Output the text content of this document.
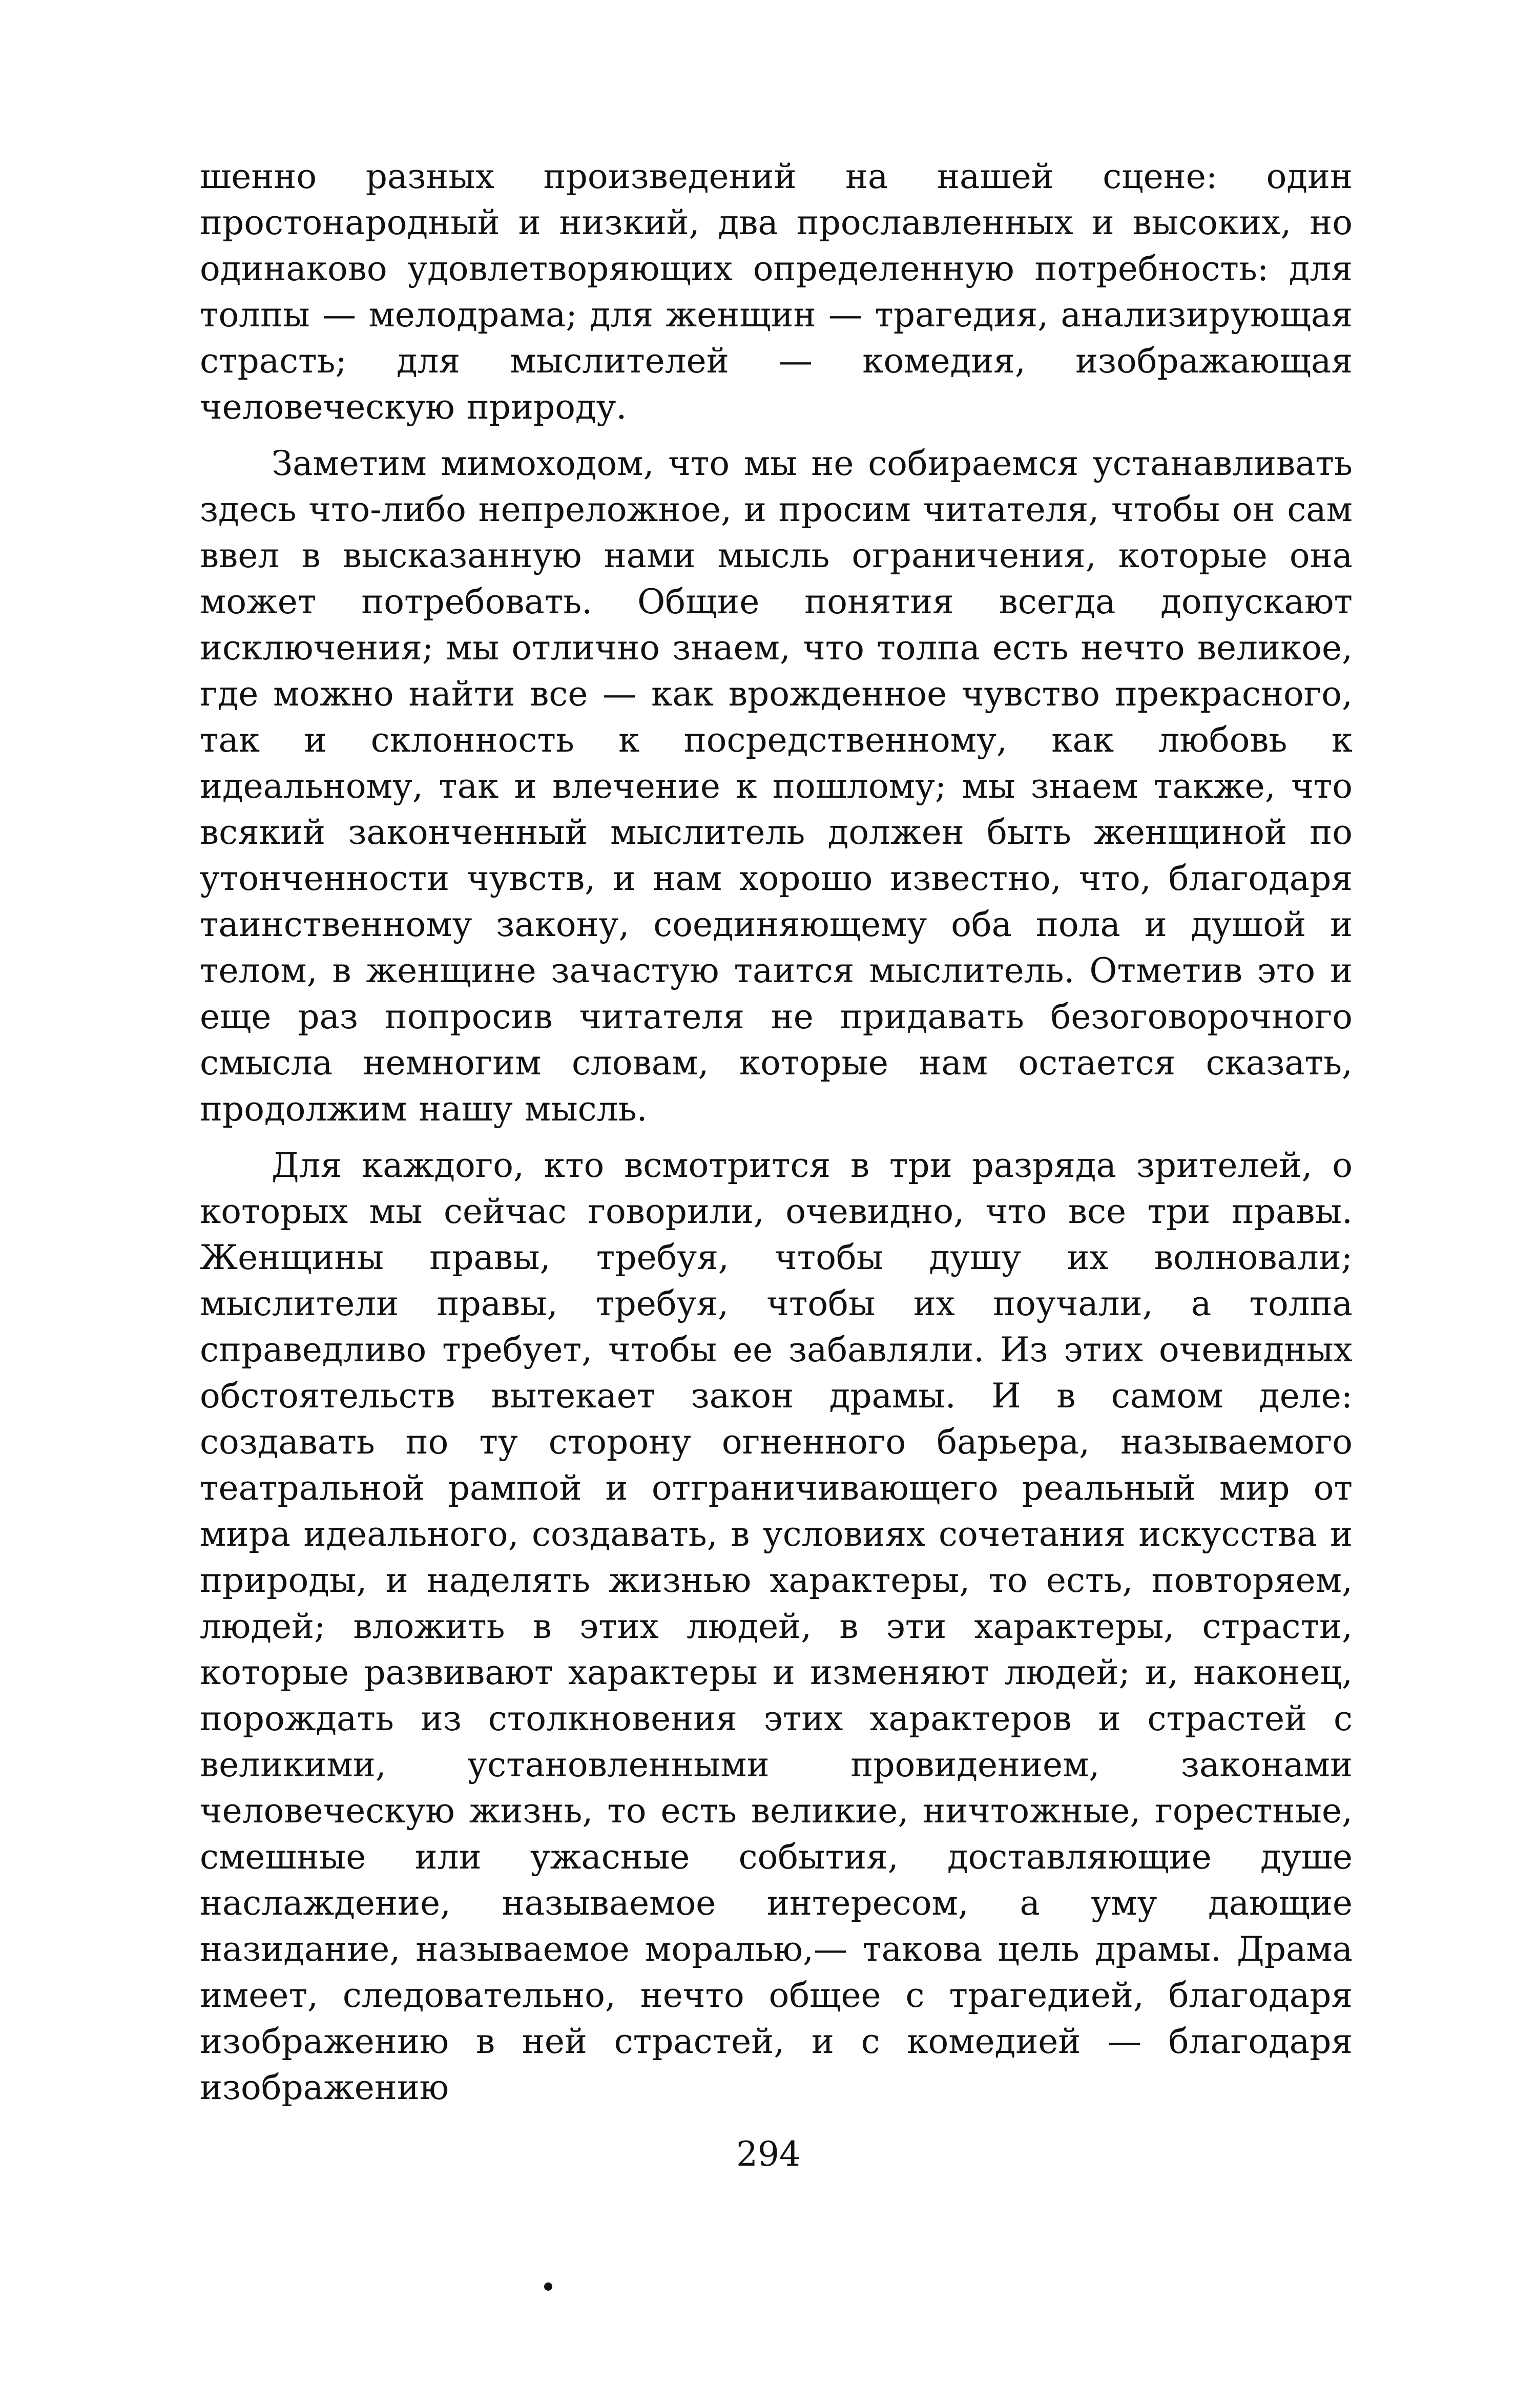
шенно разных произведений на нашей сцене: один простонародный и низкий, два прославленных и высоких, но одинаково удовлетворяющих определенную потребность: для толпы — мелодрама; для женщин — трагедия, анализирующая страсть; для мыслителей — комедия, изображающая человеческую природу.

Заметим мимоходом, что мы не собираемся устанавливать здесь что-либо непреложное, и просим читателя, чтобы он сам ввел в высказанную нами мысль ограничения, которые она может потребовать. Общие понятия всегда допускают исключения; мы отлично знаем, что толпа есть нечто великое, где можно найти все — как врожденное чувство прекрасного, так и склонность к посредственному, как любовь к идеальному, так и влечение к пошлому; мы знаем также, что всякий законченный мыслитель должен быть женщиной по утонченности чувств, и нам хорошо известно, что, благодаря таинственному закону, соединяющему оба пола и душой и телом, в женщине зачастую таится мыслитель. Отметив это и еще раз попросив читателя не придавать безоговорочного смысла немногим словам, которые нам остается сказать, продолжим нашу мысль.

Для каждого, кто всмотрится в три разряда зрителей, о которых мы сейчас говорили, очевидно, что все три правы. Женщины правы, требуя, чтобы душу их волновали; мыслители правы, требуя, чтобы их поучали, а толпа справедливо требует, чтобы ее забавляли. Из этих очевидных обстоятельств вытекает закон драмы. И в самом деле: создавать по ту сторону огненного барьера, называемого театральной рампой и отграничивающего реальный мир от мира идеального, создавать, в условиях сочетания искусства и природы, и наделять жизнью характеры, то есть, повторяем, людей; вложить в этих людей, в эти характеры, страсти, которые развивают характеры и изменяют людей; и, наконец, порождать из столкновения этих характеров и страстей с великими, установленными провидением, законами человеческую жизнь, то есть великие, ничтожные, горестные, смешные или ужасные события, доставляющие душе наслаждение, называемое интересом, а уму дающие назидание, называемое моралью,— такова цель драмы. Драма имеет, следовательно, нечто общее с трагедией, благодаря изображению в ней страстей, и с комедией — благодаря изображению

294
